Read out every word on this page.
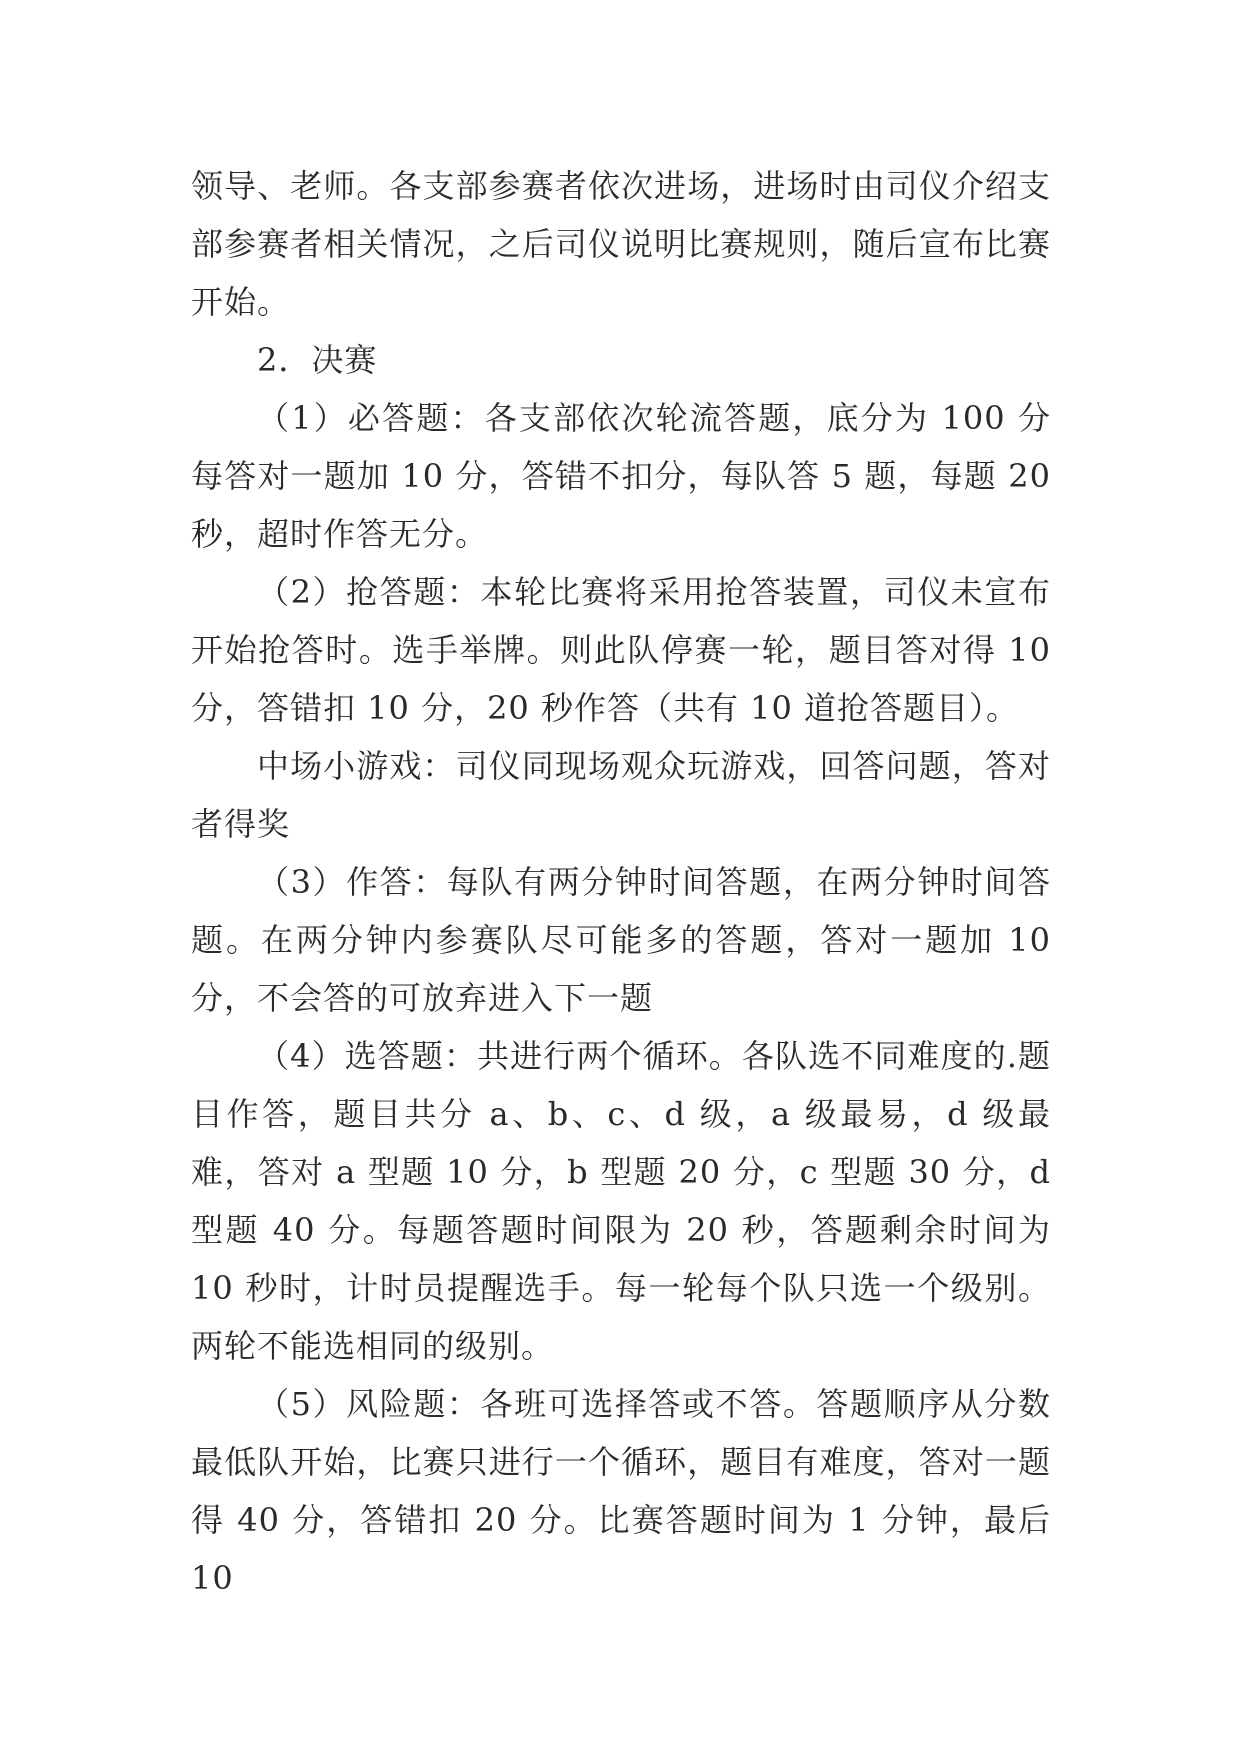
领导、老师。各支部参赛者依次进场，进场时由司仪介绍支部参赛者相关情况，之后司仪说明比赛规则，随后宣布比赛开始。

2．决赛

（1）必答题：各支部依次轮流答题，底分为 100 分每答对一题加 10 分，答错不扣分，每队答 5 题，每题 20 秒，超时作答无分。

（2）抢答题：本轮比赛将采用抢答装置，司仪未宣布开始抢答时。选手举牌。则此队停赛一轮，题目答对得 10 分，答错扣 10 分，20 秒作答（共有 10 道抢答题目）。

中场小游戏：司仪同现场观众玩游戏，回答问题，答对者得奖

（3）作答：每队有两分钟时间答题，在两分钟时间答题。在两分钟内参赛队尽可能多的答题，答对一题加 10 分，不会答的可放弃进入下一题

（4）选答题：共进行两个循环。各队选不同难度的.题目作答，题目共分 a、b、c、d 级，a 级最易，d 级最难，答对 a 型题 10 分，b 型题 20 分，c 型题 30 分，d 型题 40 分。每题答题时间限为 20 秒，答题剩余时间为 10 秒时，计时员提醒选手。每一轮每个队只选一个级别。两轮不能选相同的级别。

（5）风险题：各班可选择答或不答。答题顺序从分数最低队开始，比赛只进行一个循环，题目有难度，答对一题得 40 分，答错扣 20 分。比赛答题时间为 1 分钟，最后 10
